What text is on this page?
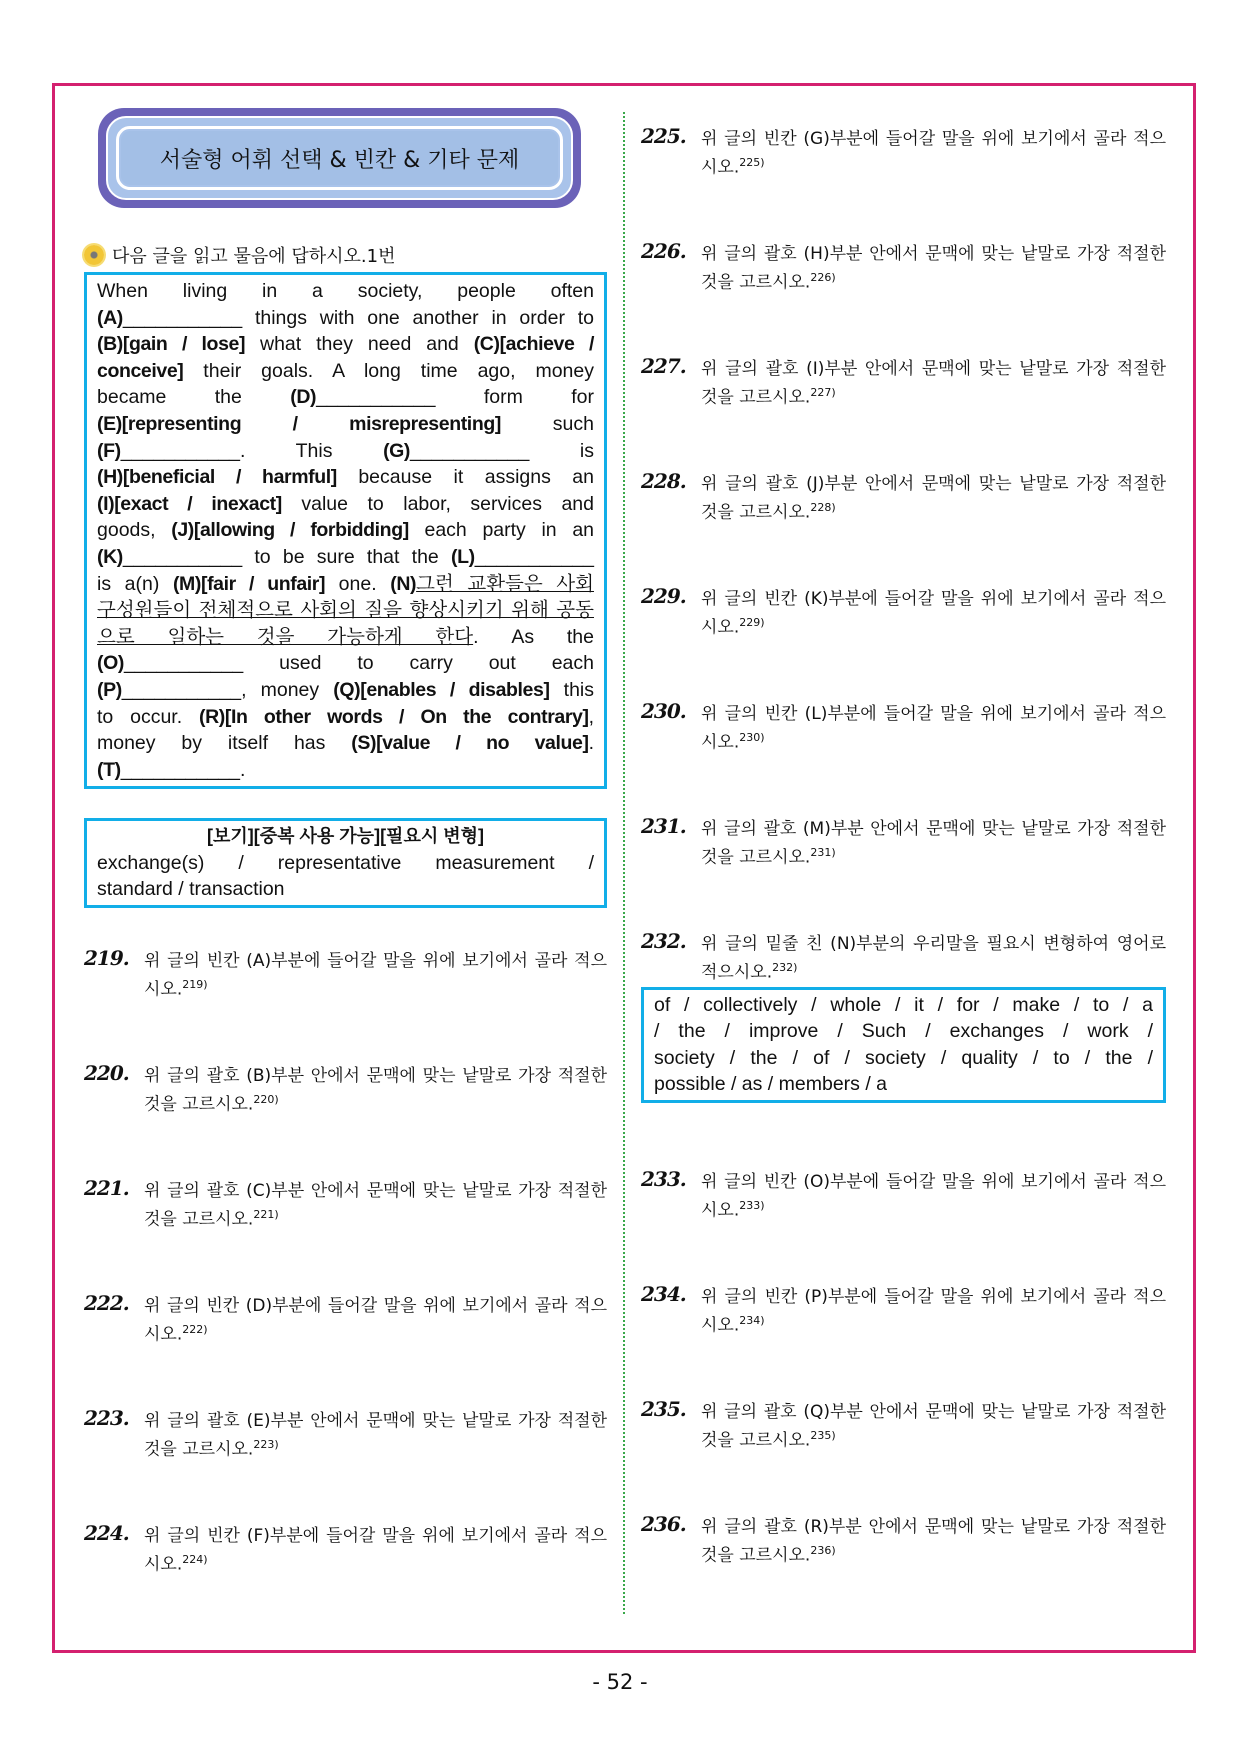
서술형 어휘 선택 & 빈칸 & 기타 문제
다음 글을 읽고 물음에 답하시오.1번
When living in a society, people often
(A)___________ things with one another in order to
(B)[gain / lose] what they need and (C)[achieve /
conceive] their goals. A long time ago, money
became the (D)___________ form for
(E)[representing / misrepresenting] such
(F)___________. This (G)___________ is
(H)[beneficial / harmful] because it assigns an
(I)[exact / inexact] value to labor, services and
goods, (J)[allowing / forbidding] each party in an
(K)___________ to be sure that the (L)___________
is a(n) (M)[fair / unfair] one. (N)그런 교환들은 사회
구성원들이 전체적으로 사회의 질을 향상시키기 위해 공동
으로 일하는 것을 가능하게 한다. As the
(O)___________ used to carry out each
(P)___________, money (Q)[enables / disables] this
to occur. (R)[In other words / On the contrary],
money by itself has (S)[value / no value].
(T)___________.
[보기][중복 사용 가능][필요시 변형]
exchange(s) / representative measurement /
standard / transaction
219. 위 글의 빈칸 (A)부분에 들어갈 말을 위에 보기에서 골라 적으시오.$^{219)}$
220. 위 글의 괄호 (B)부분 안에서 문맥에 맞는 낱말로 가장 적절한 것을 고르시오.$^{220)}$
221. 위 글의 괄호 (C)부분 안에서 문맥에 맞는 낱말로 가장 적절한 것을 고르시오.$^{221)}$
222. 위 글의 빈칸 (D)부분에 들어갈 말을 위에 보기에서 골라 적으시오.$^{222)}$
223. 위 글의 괄호 (E)부분 안에서 문맥에 맞는 낱말로 가장 적절한 것을 고르시오.$^{223)}$
224. 위 글의 빈칸 (F)부분에 들어갈 말을 위에 보기에서 골라 적으시오.$^{224)}$
225. 위 글의 빈칸 (G)부분에 들어갈 말을 위에 보기에서 골라 적으시오.$^{225)}$
226. 위 글의 괄호 (H)부분 안에서 문맥에 맞는 낱말로 가장 적절한 것을 고르시오.$^{226)}$
227. 위 글의 괄호 (I)부분 안에서 문맥에 맞는 낱말로 가장 적절한 것을 고르시오.$^{227)}$
228. 위 글의 괄호 (J)부분 안에서 문맥에 맞는 낱말로 가장 적절한 것을 고르시오.$^{228)}$
229. 위 글의 빈칸 (K)부분에 들어갈 말을 위에 보기에서 골라 적으시오.$^{229)}$
230. 위 글의 빈칸 (L)부분에 들어갈 말을 위에 보기에서 골라 적으시오.$^{230)}$
231. 위 글의 괄호 (M)부분 안에서 문맥에 맞는 낱말로 가장 적절한 것을 고르시오.$^{231)}$
232. 위 글의 밑줄 친 (N)부분의 우리말을 필요시 변형하여 영어로 적으시오.$^{232)}$
of / collectively / whole / it / for / make / to / a
/ the / improve / Such / exchanges / work /
society / the / of / society / quality / to / the /
possible / as / members / a
233. 위 글의 빈칸 (O)부분에 들어갈 말을 위에 보기에서 골라 적으시오.$^{233)}$
234. 위 글의 빈칸 (P)부분에 들어갈 말을 위에 보기에서 골라 적으시오.$^{234)}$
235. 위 글의 괄호 (Q)부분 안에서 문맥에 맞는 낱말로 가장 적절한 것을 고르시오.$^{235)}$
236. 위 글의 괄호 (R)부분 안에서 문맥에 맞는 낱말로 가장 적절한 것을 고르시오.$^{236)}$
- 52 -
